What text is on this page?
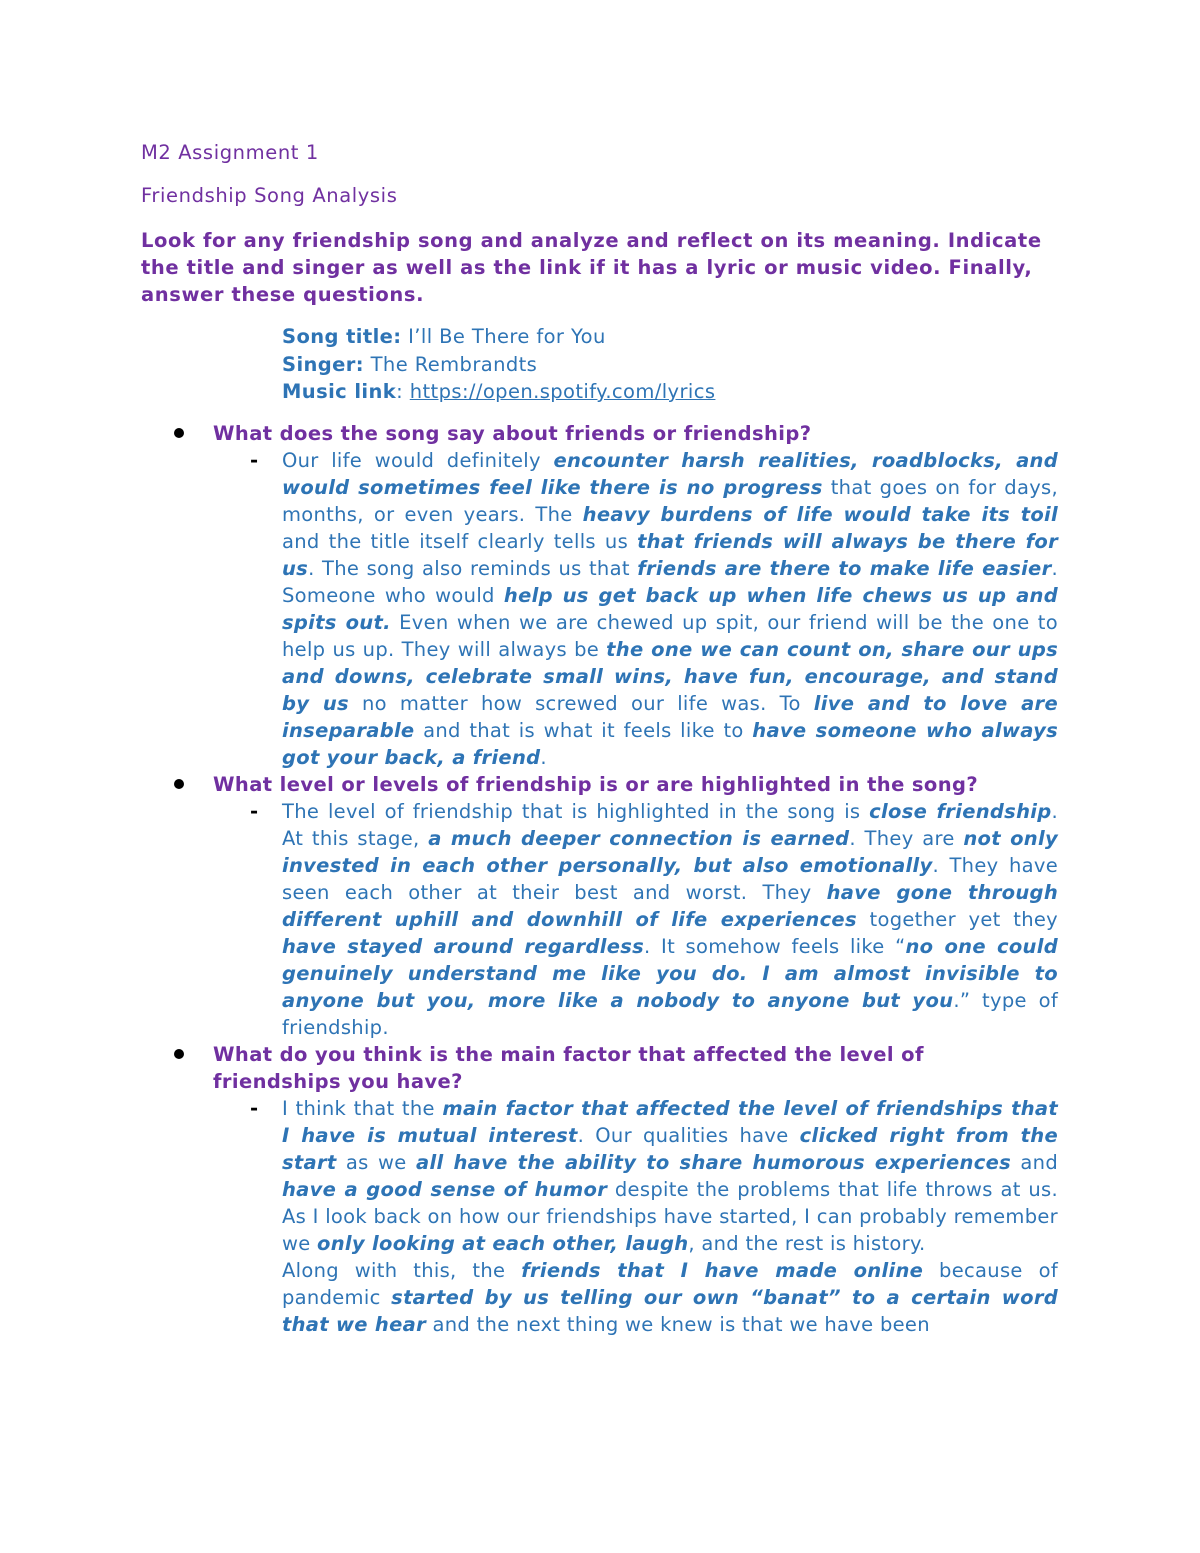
M2 Assignment 1
Friendship Song Analysis

Look for any friendship song and analyze and reflect on its meaning. Indicate the title and singer as well as the link if it has a lyric or music video. Finally, answer these questions.

Song title: I’ll Be There for You
Singer: The Rembrandts
Music link: https://open.spotify.com/lyrics
What does the song say about friends or friendship?
- Our life would definitely encounter harsh realities, roadblocks, and would sometimes feel like there is no progress that goes on for days, months, or even years. The heavy burdens of life would take its toil and the title itself clearly tells us that friends will always be there for us. The song also reminds us that friends are there to make life easier. Someone who would help us get back up when life chews us up and spits out. Even when we are chewed up spit, our friend will be the one to help us up. They will always be the one we can count on, share our ups and downs, celebrate small wins, have fun, encourage, and stand by us no matter how screwed our life was. To live and to love are inseparable and that is what it feels like to have someone who always got your back, a friend.

What level or levels of friendship is or are highlighted in the song?
- The level of friendship that is highlighted in the song is close friendship. At this stage, a much deeper connection is earned. They are not only invested in each other personally, but also emotionally. They have seen each other at their best and worst. They have gone through different uphill and downhill of life experiences together yet they have stayed around regardless. It somehow feels like “no one could genuinely understand me like you do. I am almost invisible to anyone but you, more like a nobody to anyone but you.” type of friendship.

What do you think is the main factor that affected the level of friendships you have?
- I think that the main factor that affected the level of friendships that I have is mutual interest. Our qualities have clicked right from the start as we all have the ability to share humorous experiences and have a good sense of humor despite the problems that life throws at us. As I look back on how our friendships have started, I can probably remember we only looking at each other, laugh, and the rest is history.

Along with this, the friends that I have made online because of pandemic started by us telling our own “banat” to a certain word that we hear and the next thing we knew is that we have been
